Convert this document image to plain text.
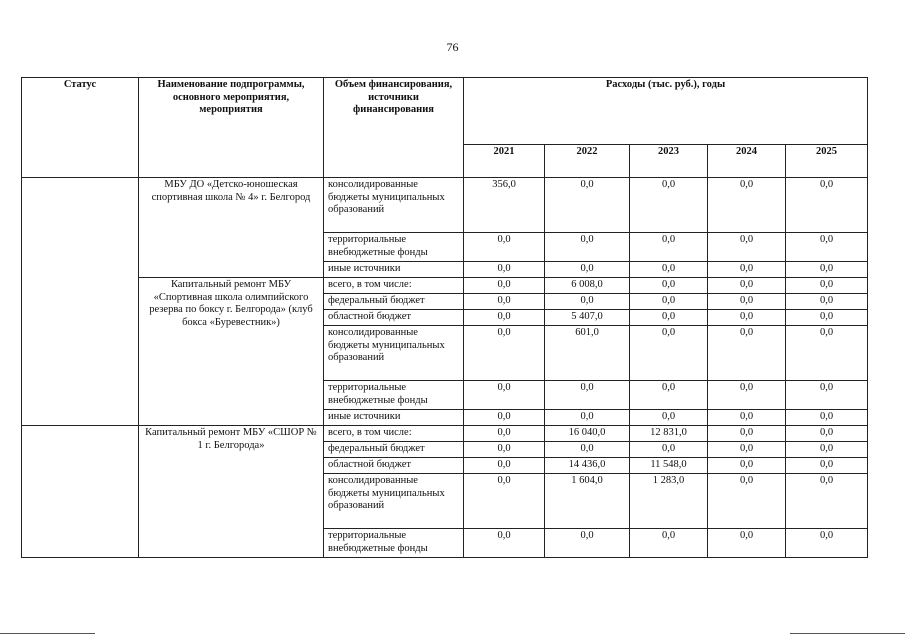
76
Статус	Наименование подпрограммы, основного мероприятия, мероприятия	Объем финансирования, источники финансирования	Расходы (тыс. руб.), годы				
			2021	2022	2023	2024	2025
	МБУ ДО «Детско-юношеская спортивная школа № 4» г. Белгород	консолидированные бюджеты муниципальных образований	356,0	0,0	0,0	0,0	0,0
		территориальные внебюджетные фонды	0,0	0,0	0,0	0,0	0,0
		иные источники	0,0	0,0	0,0	0,0	0,0
	Капитальный ремонт МБУ «Спортивная школа олимпийского резерва по боксу г. Белгорода» (клуб бокса «Буревестник»)	всего, в том числе:	0,0	6 008,0	0,0	0,0	0,0
		федеральный бюджет	0,0	0,0	0,0	0,0	0,0
		областной бюджет	0,0	5 407,0	0,0	0,0	0,0
		консолидированные бюджеты муниципальных образований	0,0	601,0	0,0	0,0	0,0
		территориальные внебюджетные фонды	0,0	0,0	0,0	0,0	0,0
		иные источники	0,0	0,0	0,0	0,0	0,0
	Капитальный ремонт МБУ «СШОР № 1 г. Белгорода»	всего, в том числе:	0,0	16 040,0	12 831,0	0,0	0,0
		федеральный бюджет	0,0	0,0	0,0	0,0	0,0
		областной бюджет	0,0	14 436,0	11 548,0	0,0	0,0
		консолидированные бюджеты муниципальных образований	0,0	1 604,0	1 283,0	0,0	0,0
		территориальные внебюджетные фонды	0,0	0,0	0,0	0,0	0,0
